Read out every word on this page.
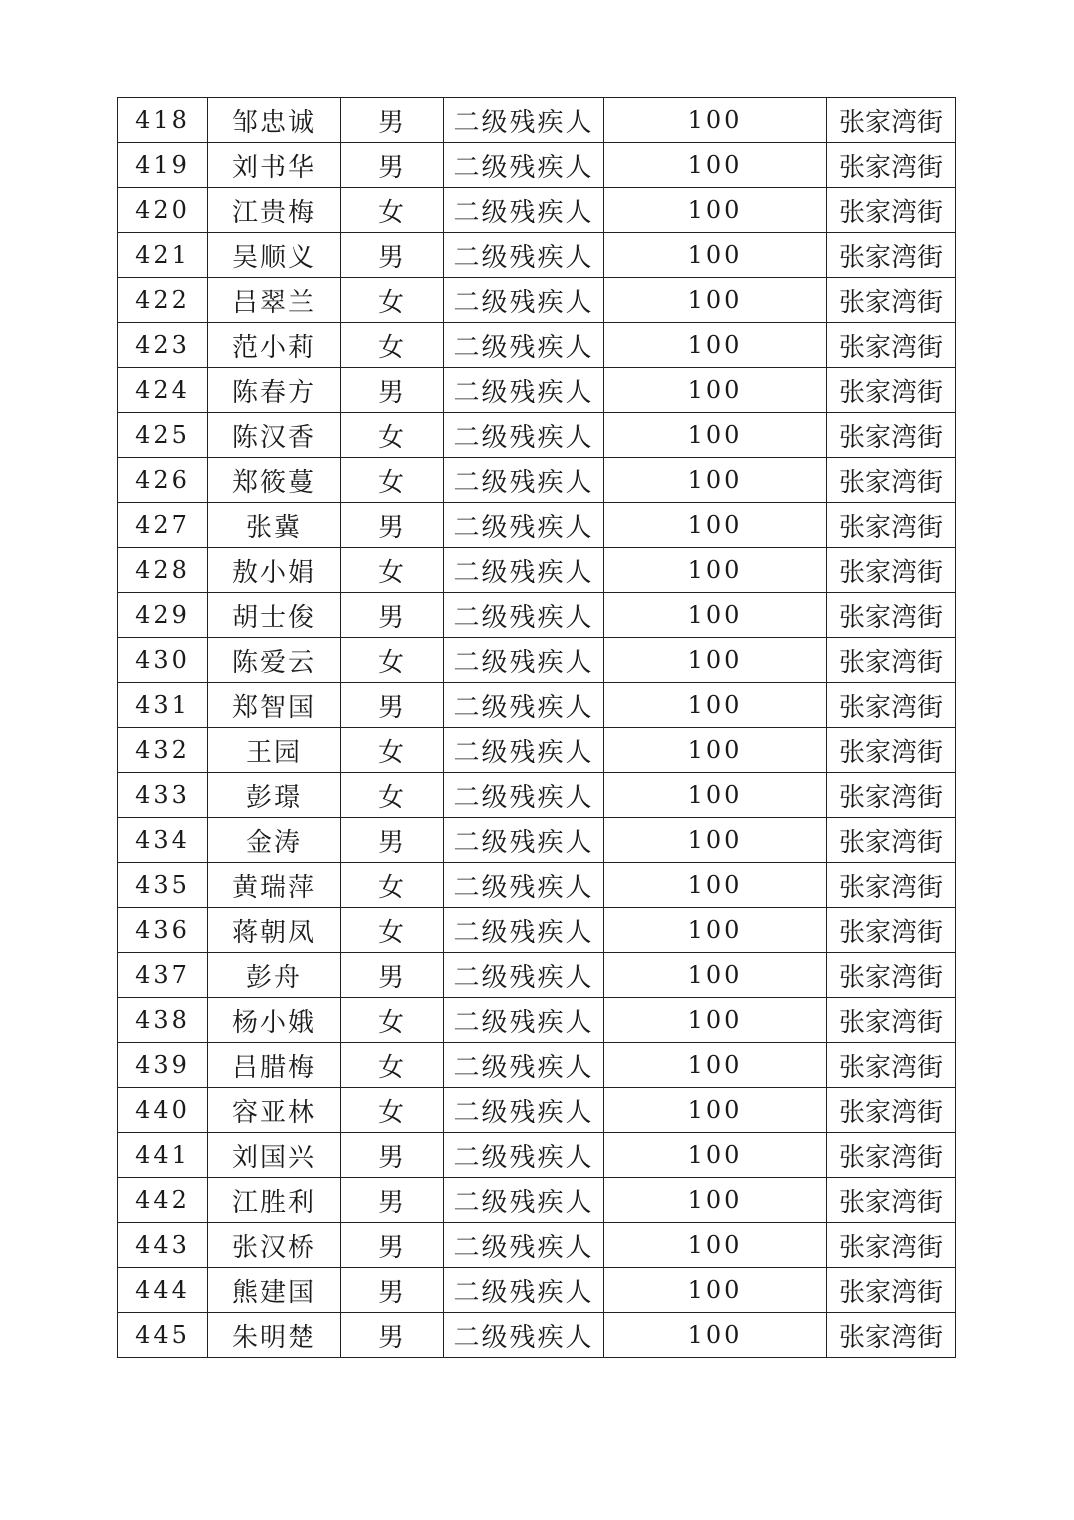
418	邹忠诚	男	二级残疾人	100	张家湾街
419	刘书华	男	二级残疾人	100	张家湾街
420	江贵梅	女	二级残疾人	100	张家湾街
421	吴顺义	男	二级残疾人	100	张家湾街
422	吕翠兰	女	二级残疾人	100	张家湾街
423	范小莉	女	二级残疾人	100	张家湾街
424	陈春方	男	二级残疾人	100	张家湾街
425	陈汉香	女	二级残疾人	100	张家湾街
426	郑筱蔓	女	二级残疾人	100	张家湾街
427	张冀	男	二级残疾人	100	张家湾街
428	敖小娟	女	二级残疾人	100	张家湾街
429	胡士俊	男	二级残疾人	100	张家湾街
430	陈爱云	女	二级残疾人	100	张家湾街
431	郑智国	男	二级残疾人	100	张家湾街
432	王园	女	二级残疾人	100	张家湾街
433	彭璟	女	二级残疾人	100	张家湾街
434	金涛	男	二级残疾人	100	张家湾街
435	黄瑞萍	女	二级残疾人	100	张家湾街
436	蒋朝凤	女	二级残疾人	100	张家湾街
437	彭舟	男	二级残疾人	100	张家湾街
438	杨小娥	女	二级残疾人	100	张家湾街
439	吕腊梅	女	二级残疾人	100	张家湾街
440	容亚林	女	二级残疾人	100	张家湾街
441	刘国兴	男	二级残疾人	100	张家湾街
442	江胜利	男	二级残疾人	100	张家湾街
443	张汉桥	男	二级残疾人	100	张家湾街
444	熊建国	男	二级残疾人	100	张家湾街
445	朱明楚	男	二级残疾人	100	张家湾街
